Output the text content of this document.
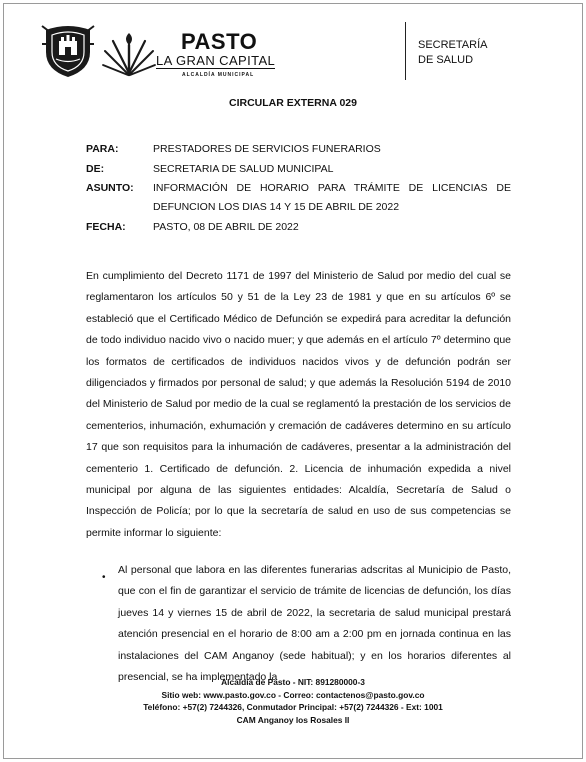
PASTO
LA GRAN CAPITAL
ALCALDÍA MUNICIPAL
SECRETARÍA
DE SALUD
CIRCULAR EXTERNA 029
PARA:	PRESTADORES DE SERVICIOS FUNERARIOS
DE:	SECRETARIA DE SALUD MUNICIPAL
ASUNTO: INFORMACIÓN DE HORARIO PARA TRÁMITE DE LICENCIAS DE
DEFUNCION LOS DIAS 14 Y 15 DE ABRIL DE 2022
FECHA:	PASTO, 08 DE ABRIL DE 2022
En cumplimiento del Decreto 1171 de 1997 del Ministerio de Salud por medio del cual se reglamentaron los artículos 50 y 51 de la Ley 23 de 1981 y que en su artículos 6º se estableció que el Certificado Médico de Defunción se expedirá para acreditar la defunción de todo individuo nacido vivo o nacido muer; y que además en el artículo 7º determino que los formatos de certificados de individuos nacidos vivos y de defunción podrán ser diligenciados y firmados por personal de salud; y que además la Resolución 5194 de 2010 del Ministerio de Salud por medio de la cual se reglamentó la prestación de los servicios de cementerios, inhumación, exhumación y cremación de cadáveres determino en su artículo 17 que son requisitos para la inhumación de cadáveres, presentar a la administración del cementerio 1. Certificado de defunción. 2. Licencia de inhumación expedida a nivel municipal por alguna de las siguientes entidades: Alcaldía, Secretaría de Salud o Inspección de Policía; por lo que la secretaría de salud en uso de sus competencias se permite informar lo siguiente:
•
Al personal que labora en las diferentes funerarias adscritas al Municipio de Pasto, que con el fin de garantizar el servicio de trámite de licencias de defunción, los días jueves 14 y viernes 15 de abril de 2022, la secretaria de salud municipal prestará atención presencial en el horario de 8:00 am a 2:00 pm en jornada continua en las instalaciones del CAM Anganoy (sede habitual); y en los horarios diferentes al presencial, se ha implementado la
Alcaldía de Pasto - NIT: 891280000-3
Sitio web: www.pasto.gov.co - Correo: contactenos@pasto.gov.co
Teléfono: +57(2) 7244326, Conmutador Principal: +57(2) 7244326 - Ext: 1001
CAM Anganoy los Rosales II
